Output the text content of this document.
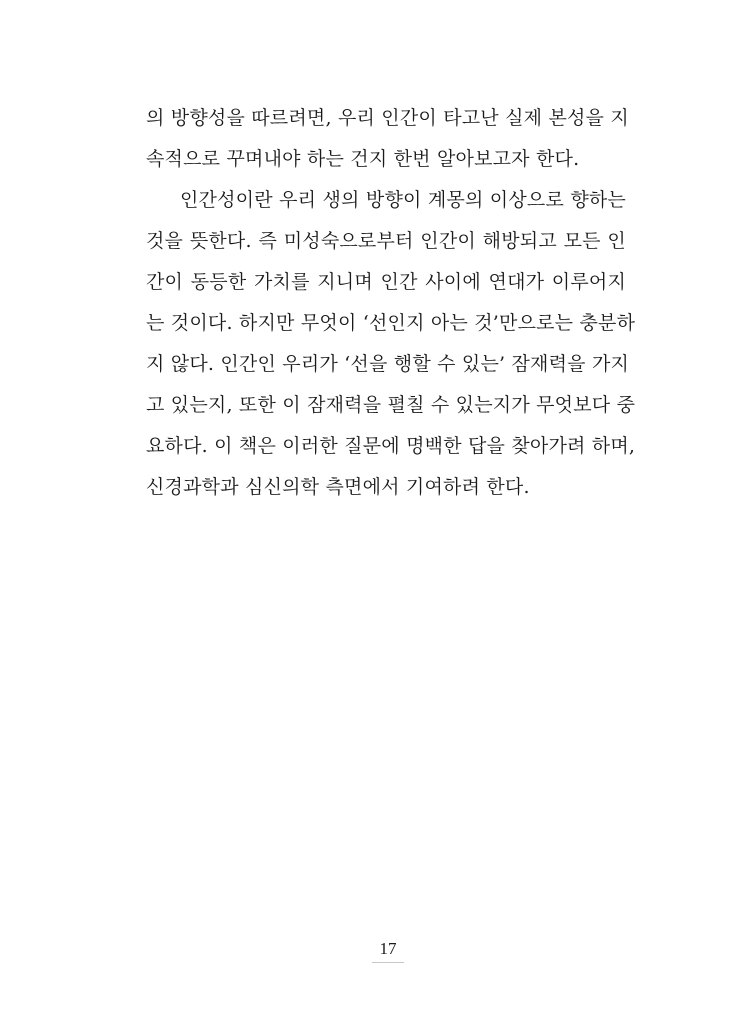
의 방향성을 따르려면, 우리 인간이 타고난 실제 본성을 지
속적으로 꾸며내야 하는 건지 한번 알아보고자 한다.
인간성이란 우리 생의 방향이 계몽의 이상으로 향하는
것을 뜻한다. 즉 미성숙으로부터 인간이 해방되고 모든 인
간이 동등한 가치를 지니며 인간 사이에 연대가 이루어지
는 것이다. 하지만 무엇이 ‘선인지 아는 것’만으로는 충분하
지 않다. 인간인 우리가 ‘선을 행할 수 있는’ 잠재력을 가지
고 있는지, 또한 이 잠재력을 펼칠 수 있는지가 무엇보다 중
요하다. 이 책은 이러한 질문에 명백한 답을 찾아가려 하며,
신경과학과 심신의학 측면에서 기여하려 한다.
17
